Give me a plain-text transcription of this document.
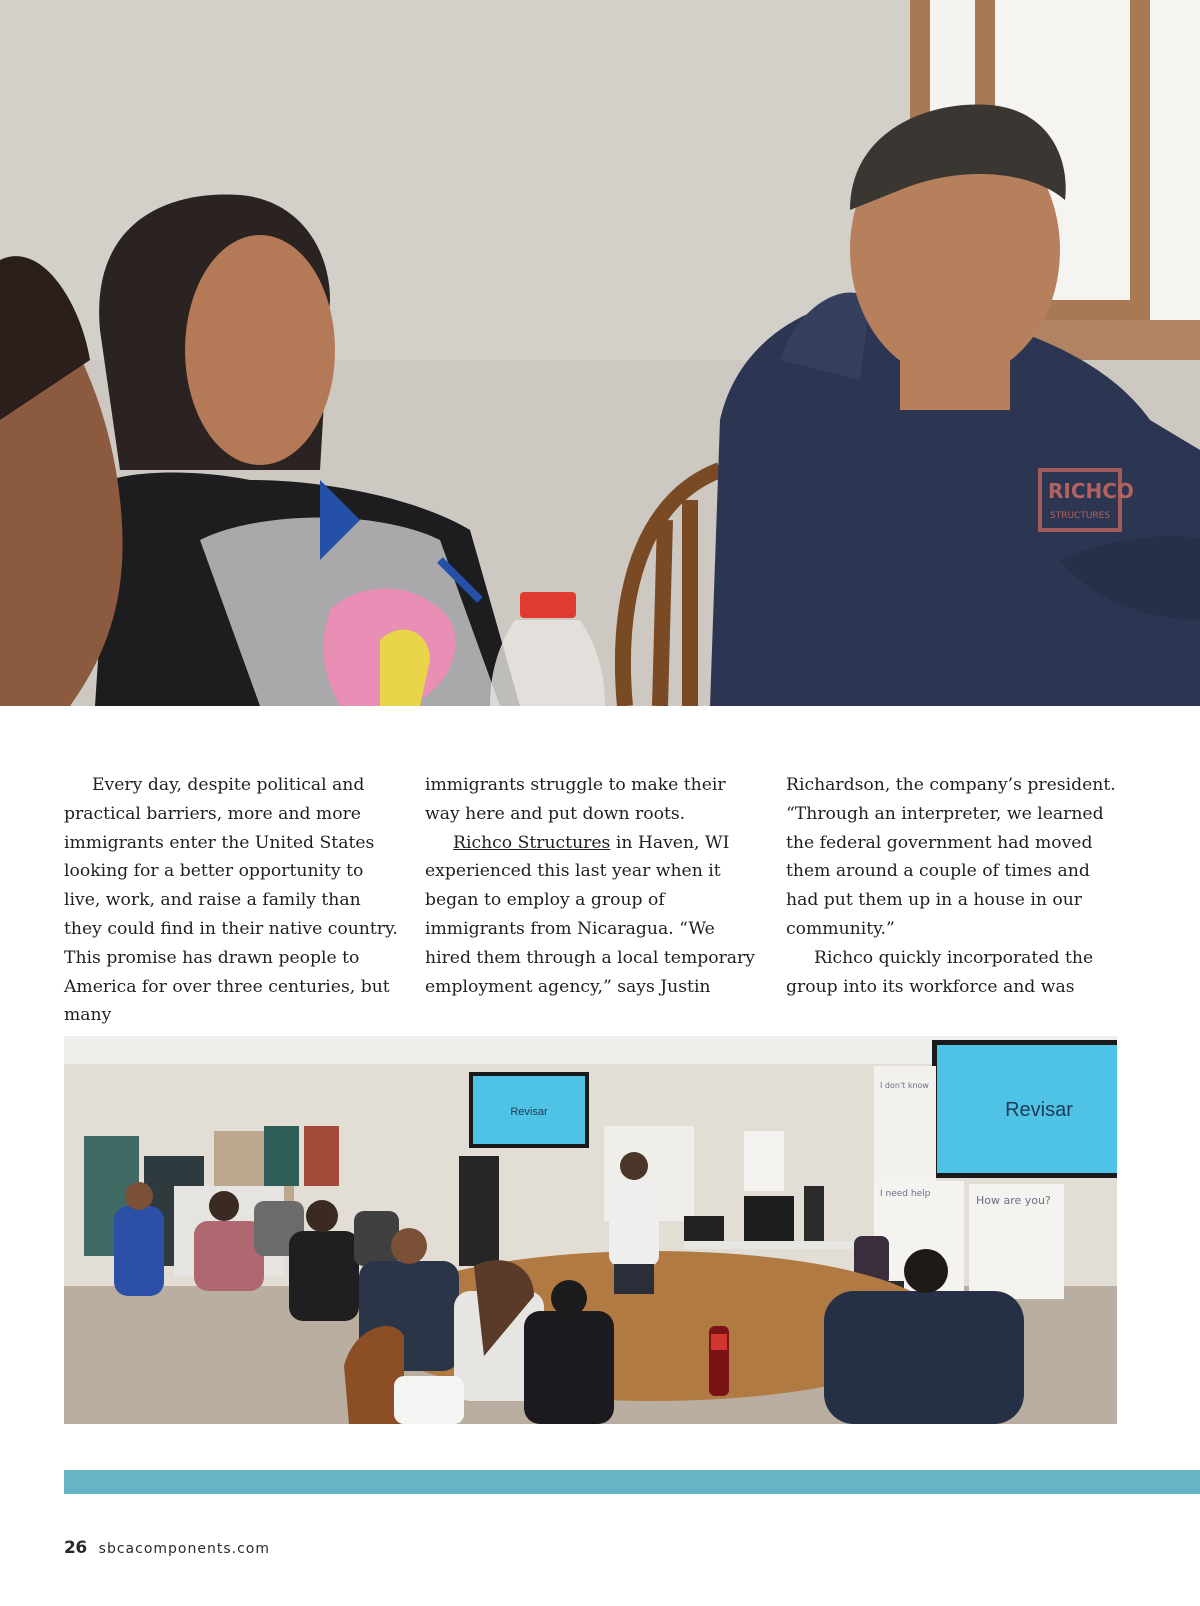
RICHCO
STRUCTURES

Every day, despite political and practical barriers, more and more immigrants enter the United States looking for a better opportunity to live, work, and raise a family than they could find in their native country. This promise has drawn people to America for over three centuries, but many

immigrants struggle to make their way here and put down roots.

Richco Structures in Haven, WI experienced this last year when it began to employ a group of immigrants from Nicaragua. “We hired them through a local temporary employment agency,” says Justin

Richardson, the company’s president. “Through an interpreter, we learned the federal government had moved them around a couple of times and had put them up in a house in our community.”

Richco quickly incorporated the group into its workforce and was

Revisar	Revisar
I don't know
I need help	How are you?
26 sbcacomponents.com
